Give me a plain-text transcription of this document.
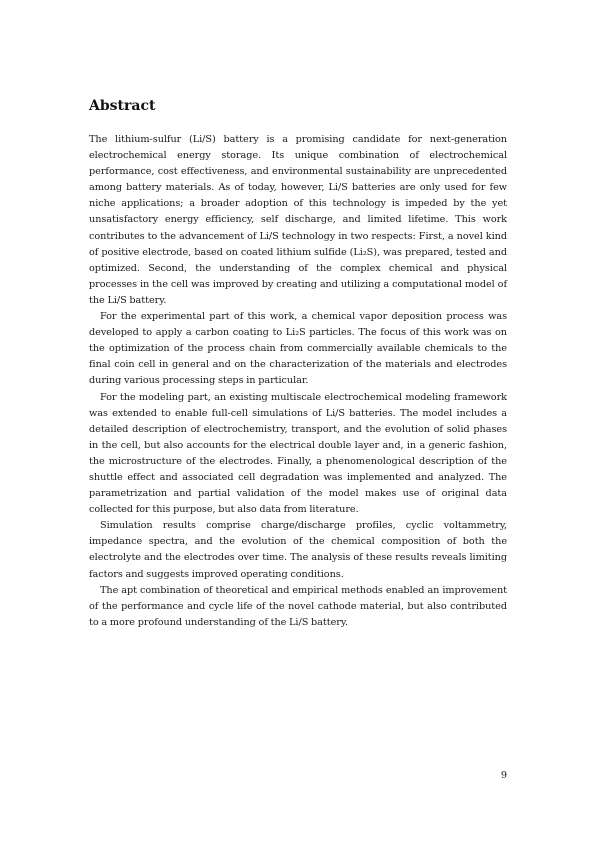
Abstract

The lithium-sulfur (Li/S) battery is a promising candidate for next-generation electrochemical energy storage. Its unique combination of electrochemical performance, cost effectiveness, and environmental sustainability are unprecedented among battery materials. As of today, however, Li/S batteries are only used for few niche applications; a broader adoption of this technology is impeded by the yet unsatisfactory energy efficiency, self discharge, and limited lifetime. This work contributes to the advancement of Li/S technology in two respects: First, a novel kind of positive electrode, based on coated lithium sulfide (Li₂S), was prepared, tested and optimized. Second, the understanding of the complex chemical and physical processes in the cell was improved by creating and utilizing a computational model of the Li/S battery.

For the experimental part of this work, a chemical vapor deposition process was developed to apply a carbon coating to Li₂S particles. The focus of this work was on the optimization of the process chain from commercially available chemicals to the final coin cell in general and on the characterization of the materials and electrodes during various processing steps in particular.

For the modeling part, an existing multiscale electrochemical modeling framework was extended to enable full-cell simulations of Li/S batteries. The model includes a detailed description of electrochemistry, transport, and the evolution of solid phases in the cell, but also accounts for the electrical double layer and, in a generic fashion, the microstructure of the electrodes. Finally, a phenomenological description of the shuttle effect and associated cell degradation was implemented and analyzed. The parametrization and partial validation of the model makes use of original data collected for this purpose, but also data from literature.

Simulation results comprise charge/discharge profiles, cyclic voltammetry, impedance spectra, and the evolution of the chemical composition of both the electrolyte and the electrodes over time. The analysis of these results reveals limiting factors and suggests improved operating conditions.

The apt combination of theoretical and empirical methods enabled an improvement of the performance and cycle life of the novel cathode material, but also contributed to a more profound understanding of the Li/S battery.

9
